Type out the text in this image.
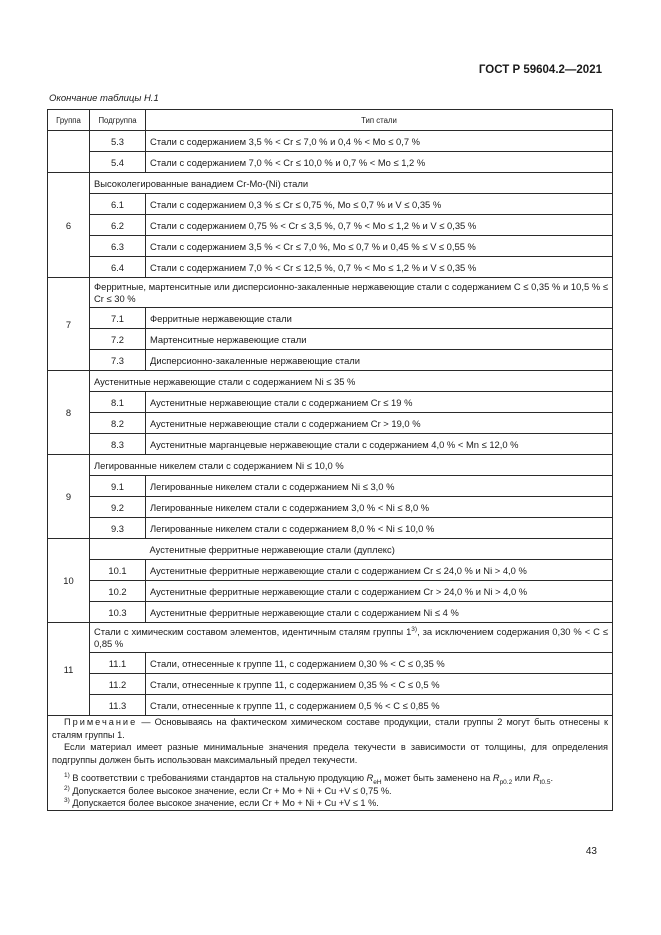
ГОСТ Р 59604.2—2021
Окончание таблицы Н.1
Группа	Подгруппа	Тип стали
	5.3	Стали с содержанием 3,5 % < Cr ≤ 7,0 % и 0,4 % < Mo ≤ 0,7 %
	5.4	Стали с содержанием 7,0 % < Cr ≤ 10,0 % и 0,7 % < Mo ≤ 1,2 %
6	Высоколегированные ванадием Cr-Mo-(Ni) стали	
	6.1	Стали с содержанием 0,3 % ≤ Cr ≤ 0,75 %, Mo ≤ 0,7 % и V ≤ 0,35 %
	6.2	Стали с содержанием 0,75 % < Cr ≤ 3,5 %, 0,7 % < Mo ≤ 1,2 % и V ≤ 0,35 %
	6.3	Стали с содержанием 3,5 % < Cr ≤ 7,0 %, Mo ≤ 0,7 % и 0,45 % ≤ V ≤ 0,55 %
	6.4	Стали с содержанием 7,0 % < Cr ≤ 12,5 %, 0,7 % < Mo ≤ 1,2 % и V ≤ 0,35 %
7	Ферритные, мартенситные или дисперсионно-закаленные нержавеющие стали с содержанием C ≤ 0,35 % и 10,5 % ≤ Cr ≤ 30 %	
	7.1	Ферритные нержавеющие стали
	7.2	Мартенситные нержавеющие стали
	7.3	Дисперсионно-закаленные нержавеющие стали
8	Аустенитные нержавеющие стали с содержанием Ni ≤ 35 %	
	8.1	Аустенитные нержавеющие стали с содержанием Cr ≤ 19 %
	8.2	Аустенитные нержавеющие стали с содержанием Cr > 19,0 %
	8.3	Аустенитные марганцевые нержавеющие стали с содержанием 4,0 % < Mn ≤ 12,0 %
9	Легированные никелем стали с содержанием Ni ≤ 10,0 %	
	9.1	Легированные никелем стали с содержанием Ni ≤ 3,0 %
	9.2	Легированные никелем стали с содержанием 3,0 % < Ni ≤ 8,0 %
	9.3	Легированные никелем стали с содержанием 8,0 % < Ni ≤ 10,0 %
10		Аустенитные ферритные нержавеющие стали (дуплекс)
	10.1	Аустенитные ферритные нержавеющие стали с содержанием Cr ≤ 24,0 % и Ni > 4,0 %
	10.2	Аустенитные ферритные нержавеющие стали с содержанием Cr > 24,0 % и Ni > 4,0 %
	10.3	Аустенитные ферритные нержавеющие стали с содержанием Ni ≤ 4 %
11	Стали с химическим составом элементов, идентичным сталям группы 1$^{3)}$, за исключением содержания 0,30 % < C ≤ 0,85 %	
	11.1	Стали, отнесенные к группе 11, с содержанием 0,30 % < C ≤ 0,35 %
	11.2	Стали, отнесенные к группе 11, с содержанием 0,35 % < C ≤ 0,5 %
	11.3	Стали, отнесенные к группе 11, с содержанием 0,5 % < C ≤ 0,85 %

Примечание — Основываясь на фактическом химическом составе продукции, стали группы 2 могут быть отнесены к сталям группы 1.

Если материал имеет разные минимальные значения предела текучести в зависимости от толщины, для определения подгруппы должен быть использован максимальный предел текучести.

$^{1)}$ В соответствии с требованиями стандартов на стальную продукцию $R_{eH}$ может быть заменено на $R_{p0.2}$ или $R_{t0.5}$.

$^{2)}$ Допускается более высокое значение, если Cr + Mo + Ni + Cu +V ≤ 0,75 %.

$^{3)}$ Допускается более высокое значение, если Cr + Mo + Ni + Cu +V ≤ 1 %.		

43
